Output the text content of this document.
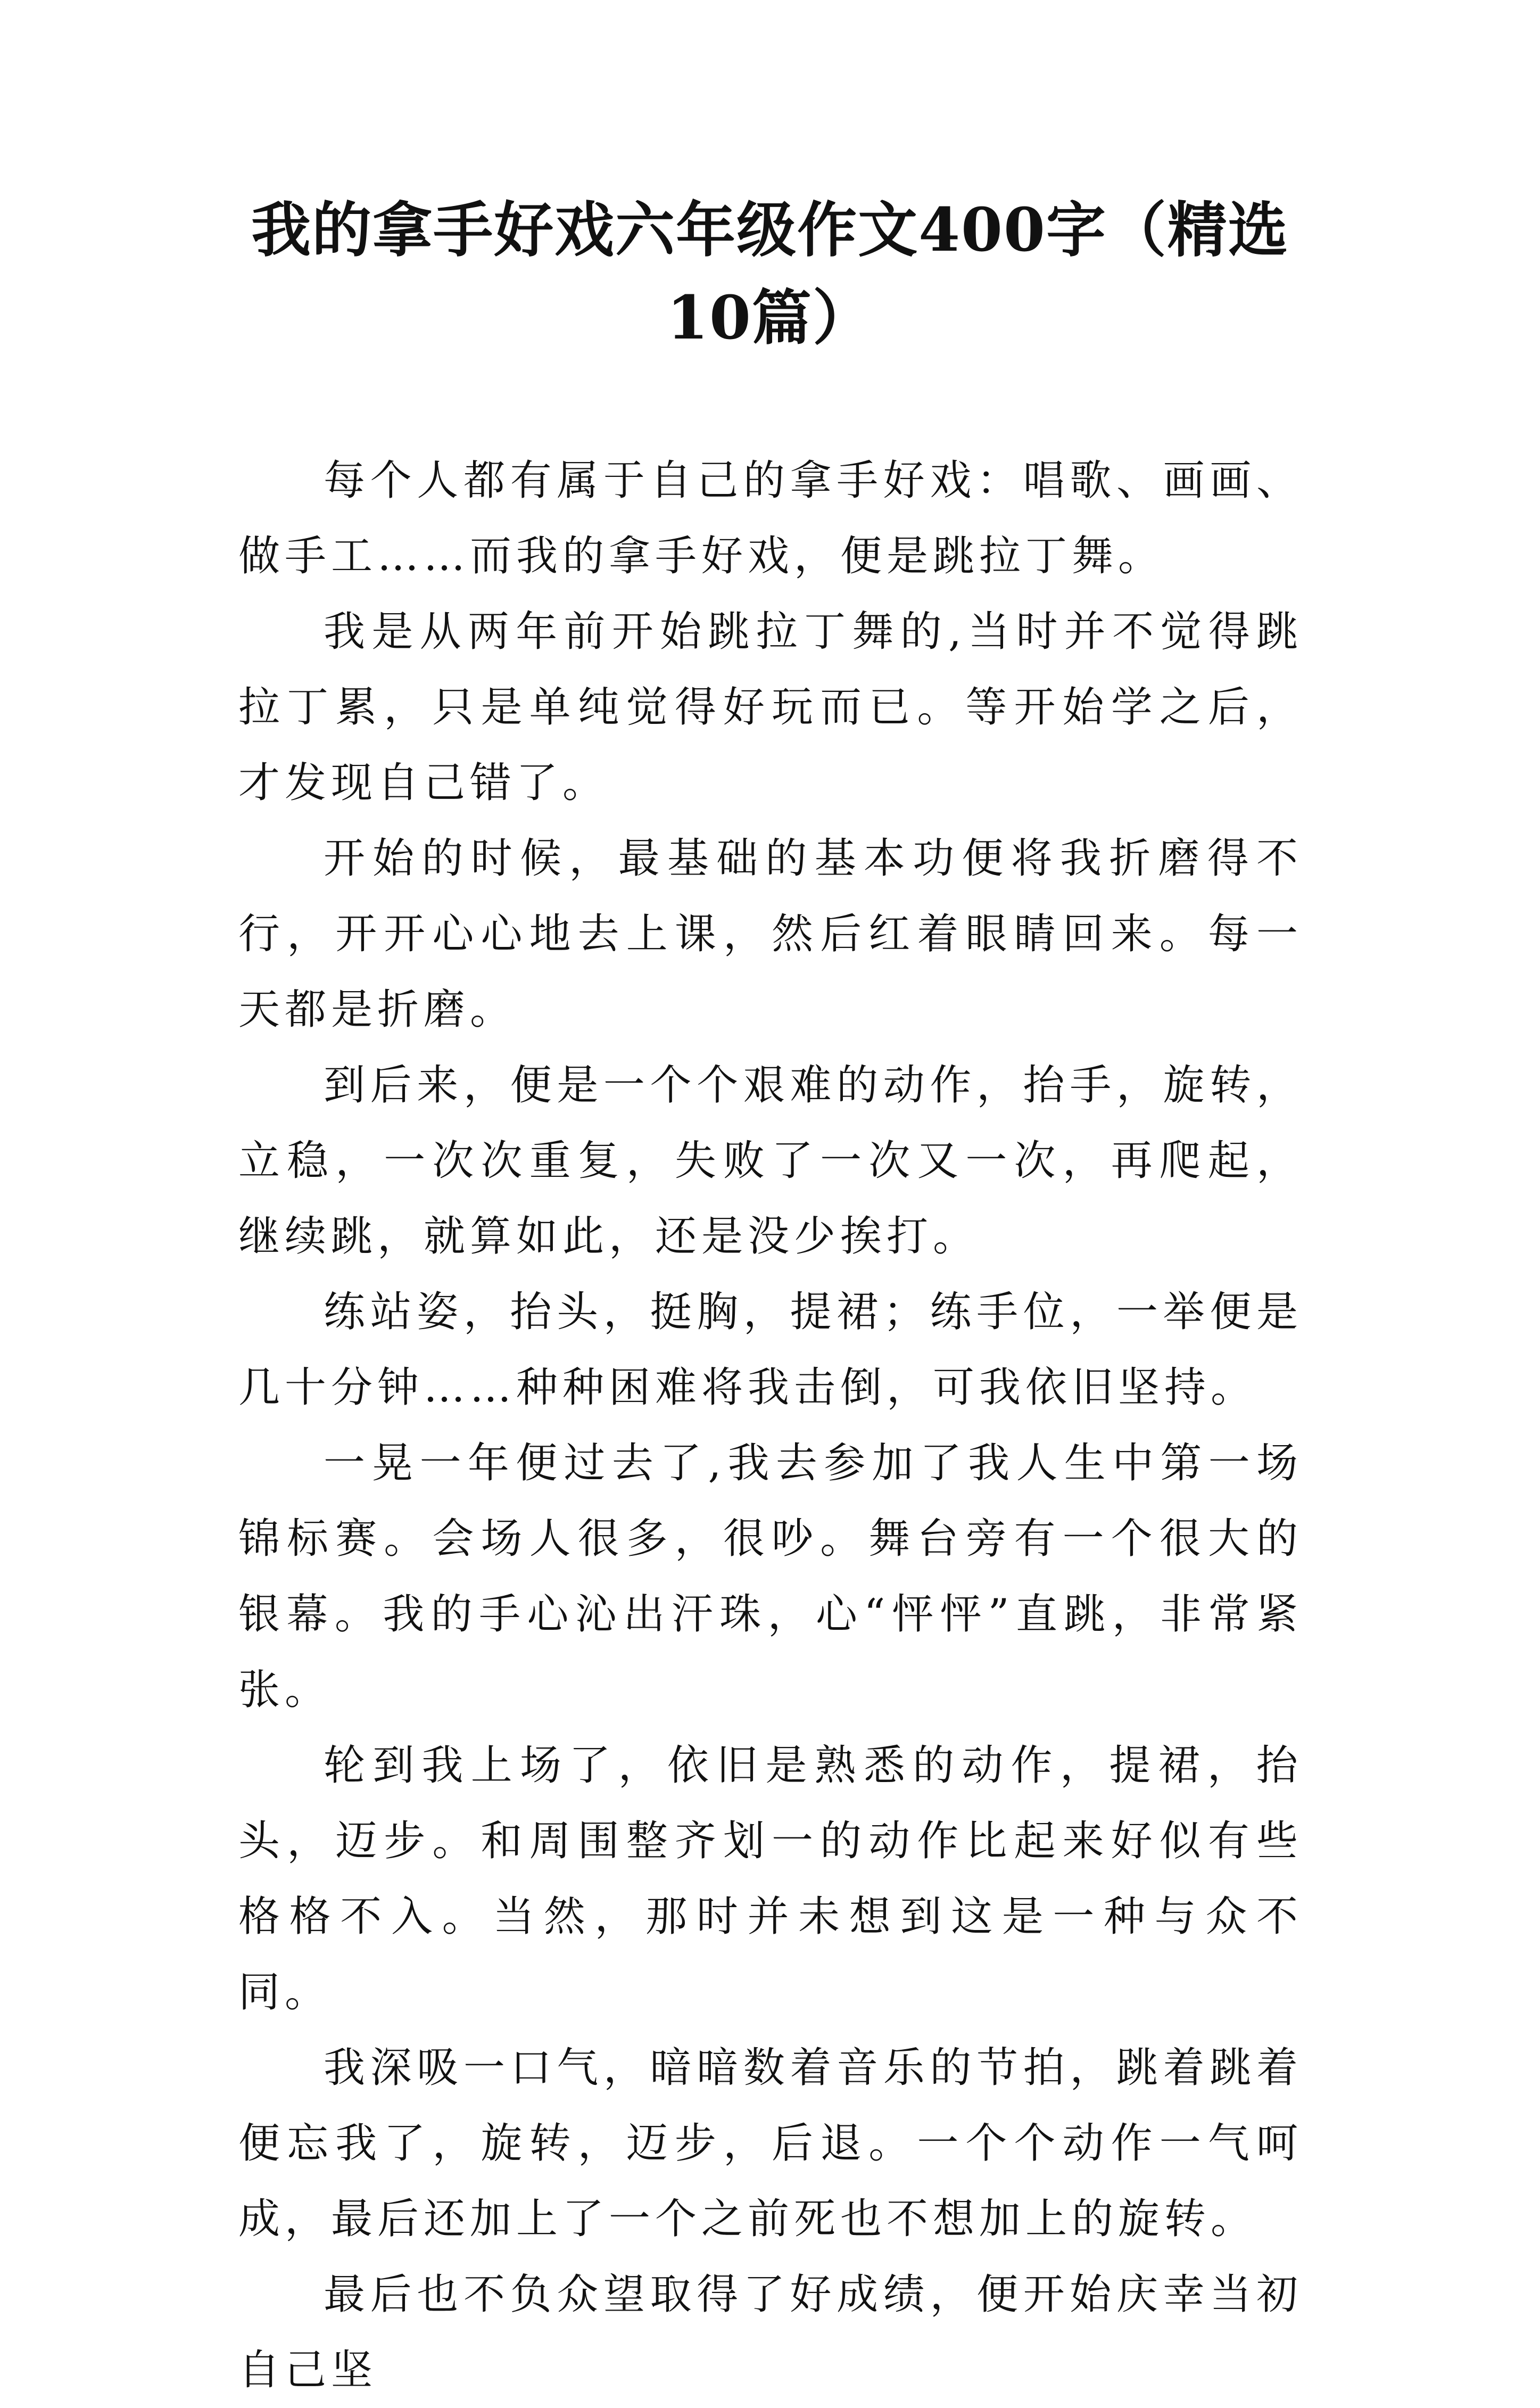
我的拿手好戏六年级作文400字（精选10篇）

每个人都有属于自己的拿手好戏：唱歌、画画、做手工……而我的拿手好戏，便是跳拉丁舞。

我是从两年前开始跳拉丁舞的,当时并不觉得跳拉丁累，只是单纯觉得好玩而已。等开始学之后，才发现自己错了。

开始的时候，最基础的基本功便将我折磨得不行，开开心心地去上课，然后红着眼睛回来。每一天都是折磨。

到后来，便是一个个艰难的动作，抬手，旋转，立稳，一次次重复，失败了一次又一次，再爬起，继续跳，就算如此，还是没少挨打。

练站姿，抬头，挺胸，提裙；练手位，一举便是几十分钟……种种困难将我击倒，可我依旧坚持。

一晃一年便过去了,我去参加了我人生中第一场锦标赛。会场人很多，很吵。舞台旁有一个很大的银幕。我的手心沁出汗珠，心“怦怦”直跳，非常紧张。

轮到我上场了，依旧是熟悉的动作，提裙，抬头，迈步。和周围整齐划一的动作比起来好似有些格格不入。当然，那时并未想到这是一种与众不同。

我深吸一口气，暗暗数着音乐的节拍，跳着跳着便忘我了，旋转，迈步，后退。一个个动作一气呵成，最后还加上了一个之前死也不想加上的旋转。

最后也不负众望取得了好成绩，便开始庆幸当初自己坚
